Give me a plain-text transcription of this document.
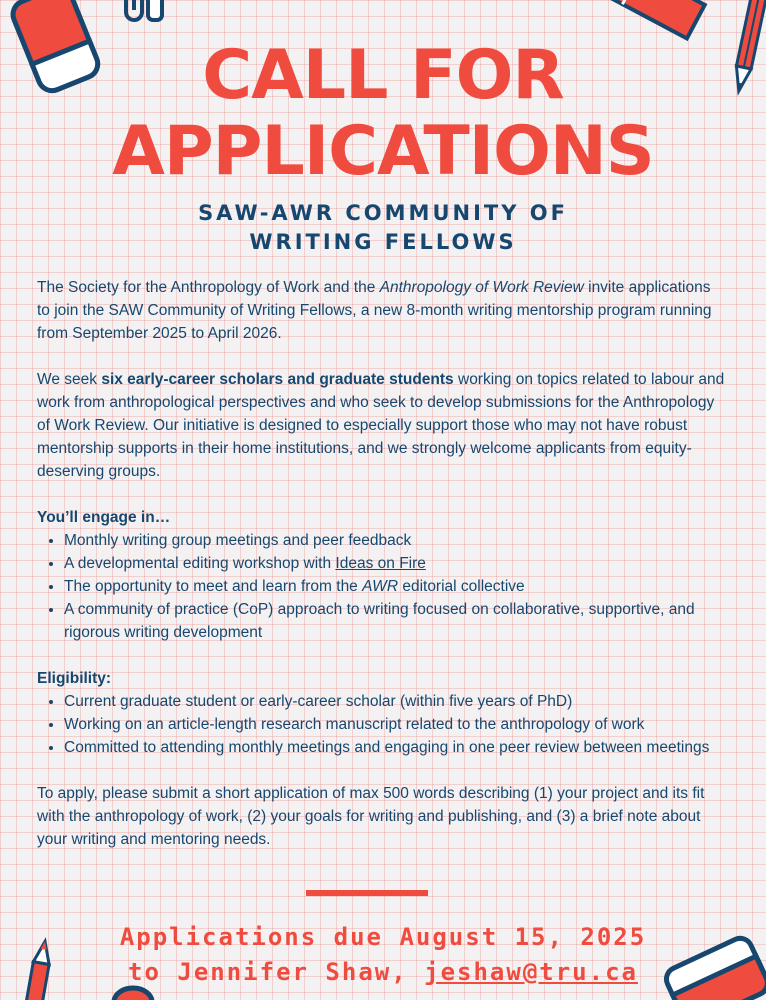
CALL FOR
APPLICATIONS
SAW-AWR COMMUNITY OF
WRITING FELLOWS

The Society for the Anthropology of Work and the Anthropology of Work Review invite applications to join the SAW Community of Writing Fellows, a new 8-month writing mentorship program running from September 2025 to April 2026.

We seek six early-career scholars and graduate students working on topics related to labour and work from anthropological perspectives and who seek to develop submissions for the Anthropology of Work Review. Our initiative is designed to especially support those who may not have robust mentorship supports in their home institutions, and we strongly welcome applicants from equity-deserving groups.

You’ll engage in…

• Monthly writing group meetings and peer feedback
• A developmental editing workshop with Ideas on Fire
• The opportunity to meet and learn from the AWR editorial collective
• A community of practice (CoP) approach to writing focused on collaborative, supportive, and rigorous writing development

Eligibility:

• Current graduate student or early-career scholar (within five years of PhD)
• Working on an article-length research manuscript related to the anthropology of work
• Committed to attending monthly meetings and engaging in one peer review between meetings

To apply, please submit a short application of max 500 words describing (1) your project and its fit with the anthropology of work, (2) your goals for writing and publishing, and (3) a brief note about your writing and mentoring needs.

Applications due August 15, 2025
to Jennifer Shaw, jeshaw@tru.ca
